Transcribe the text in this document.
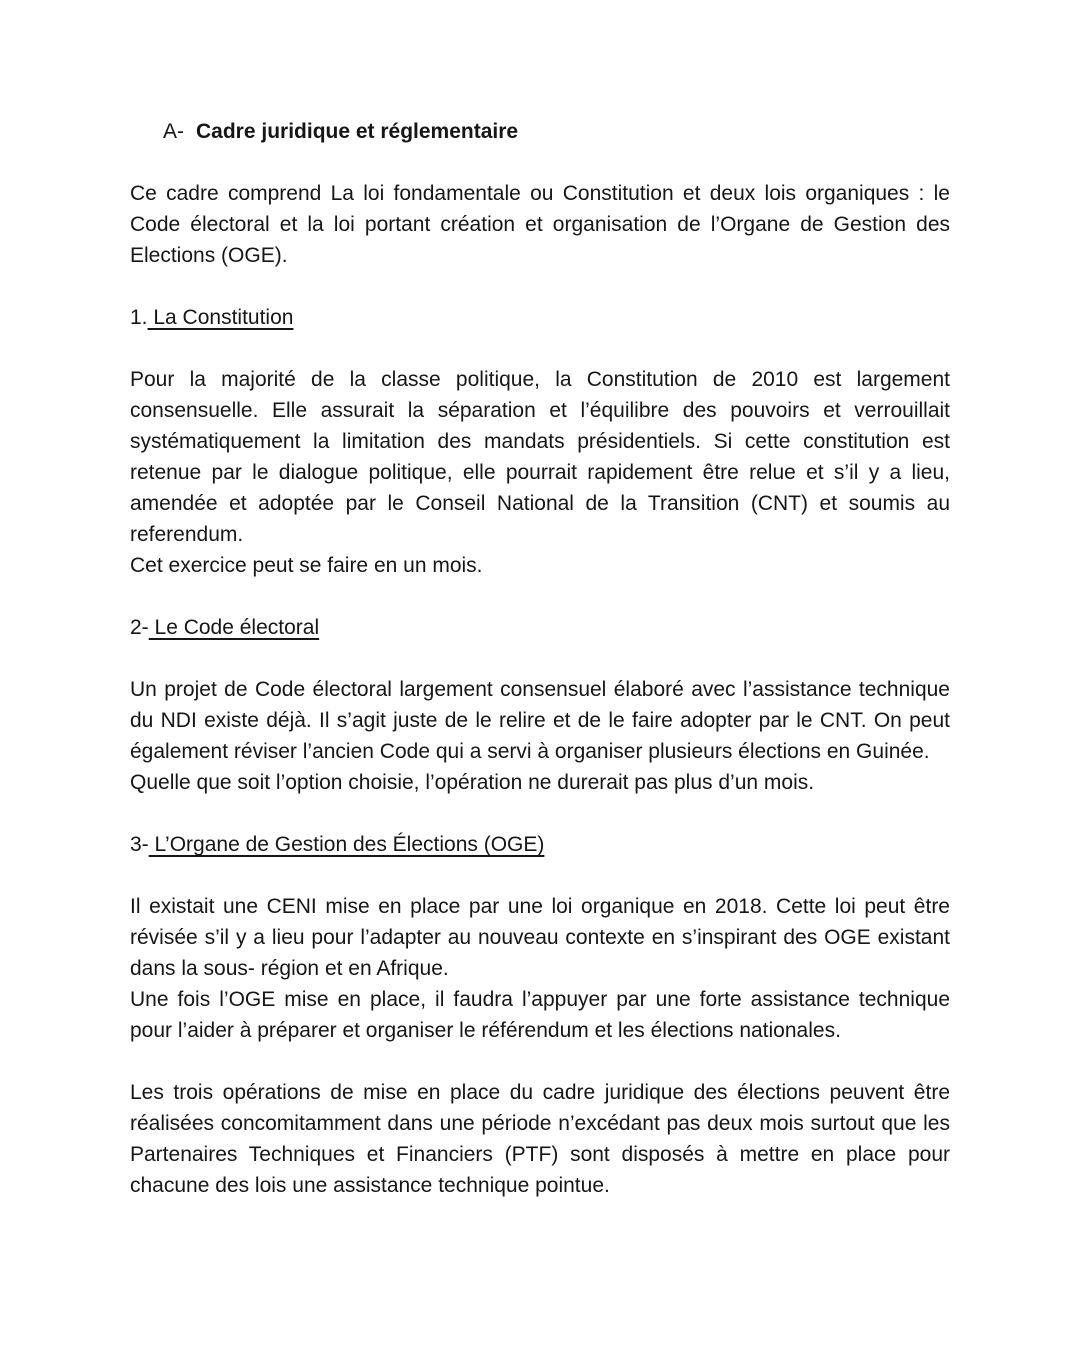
A- Cadre juridique et réglementaire

Ce cadre comprend La loi fondamentale ou Constitution et deux lois organiques : le Code électoral et la loi portant création et organisation de l’Organe de Gestion des Elections (OGE).

1. La Constitution

Pour la majorité de la classe politique, la Constitution de 2010 est largement consensuelle. Elle assurait la séparation et l’équilibre des pouvoirs et verrouillait systématiquement la limitation des mandats présidentiels. Si cette constitution est retenue par le dialogue politique, elle pourrait rapidement être relue et s’il y a lieu, amendée et adoptée par le Conseil National de la Transition (CNT) et soumis au referendum.

Cet exercice peut se faire en un mois.

2- Le Code électoral

Un projet de Code électoral largement consensuel élaboré avec l’assistance technique du NDI existe déjà. Il s’agit juste de le relire et de le faire adopter par le CNT. On peut également réviser l’ancien Code qui a servi à organiser plusieurs élections en Guinée.

Quelle que soit l’option choisie, l’opération ne durerait pas plus d’un mois.

3- L’Organe de Gestion des Élections (OGE)

Il existait une CENI mise en place par une loi organique en 2018. Cette loi peut être révisée s’il y a lieu pour l’adapter au nouveau contexte en s’inspirant des OGE existant dans la sous- région et en Afrique.

Une fois l’OGE mise en place, il faudra l’appuyer par une forte assistance technique pour l’aider à préparer et organiser le référendum et les élections nationales.

Les trois opérations de mise en place du cadre juridique des élections peuvent être réalisées concomitamment dans une période n’excédant pas deux mois surtout que les Partenaires Techniques et Financiers (PTF) sont disposés à mettre en place pour chacune des lois une assistance technique pointue.
